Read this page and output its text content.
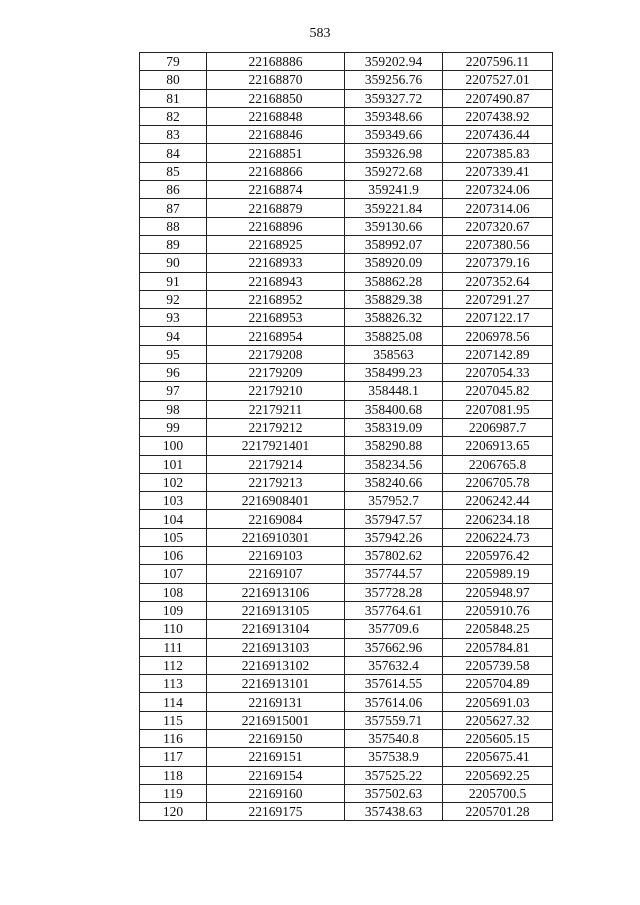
583
79	22168886	359202.94	2207596.11
80	22168870	359256.76	2207527.01
81	22168850	359327.72	2207490.87
82	22168848	359348.66	2207438.92
83	22168846	359349.66	2207436.44
84	22168851	359326.98	2207385.83
85	22168866	359272.68	2207339.41
86	22168874	359241.9	2207324.06
87	22168879	359221.84	2207314.06
88	22168896	359130.66	2207320.67
89	22168925	358992.07	2207380.56
90	22168933	358920.09	2207379.16
91	22168943	358862.28	2207352.64
92	22168952	358829.38	2207291.27
93	22168953	358826.32	2207122.17
94	22168954	358825.08	2206978.56
95	22179208	358563	2207142.89
96	22179209	358499.23	2207054.33
97	22179210	358448.1	2207045.82
98	22179211	358400.68	2207081.95
99	22179212	358319.09	2206987.7
100	2217921401	358290.88	2206913.65
101	22179214	358234.56	2206765.8
102	22179213	358240.66	2206705.78
103	2216908401	357952.7	2206242.44
104	22169084	357947.57	2206234.18
105	2216910301	357942.26	2206224.73
106	22169103	357802.62	2205976.42
107	22169107	357744.57	2205989.19
108	2216913106	357728.28	2205948.97
109	2216913105	357764.61	2205910.76
110	2216913104	357709.6	2205848.25
111	2216913103	357662.96	2205784.81
112	2216913102	357632.4	2205739.58
113	2216913101	357614.55	2205704.89
114	22169131	357614.06	2205691.03
115	2216915001	357559.71	2205627.32
116	22169150	357540.8	2205605.15
117	22169151	357538.9	2205675.41
118	22169154	357525.22	2205692.25
119	22169160	357502.63	2205700.5
120	22169175	357438.63	2205701.28
